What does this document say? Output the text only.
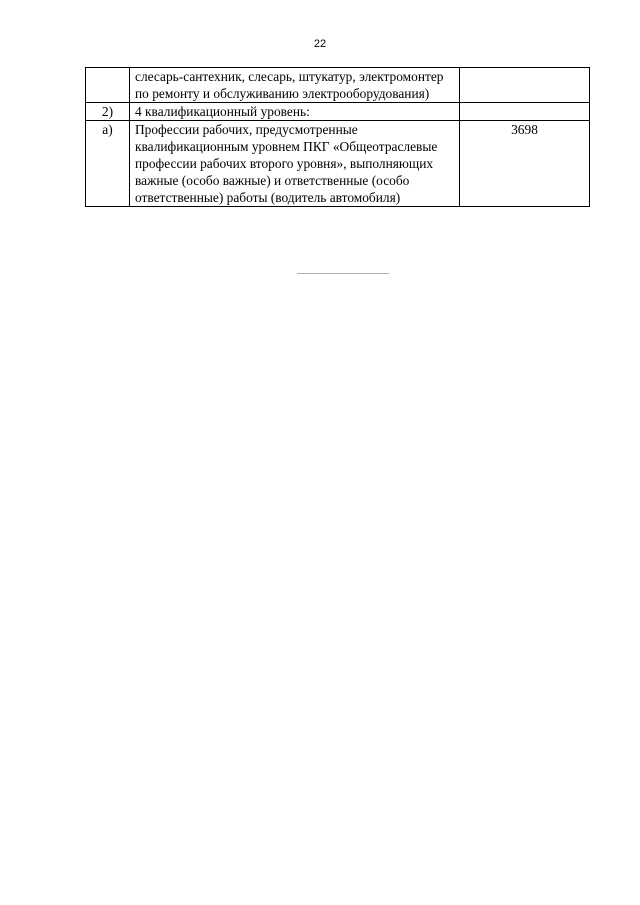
22
	слесарь-сантехник, слесарь, штукатур, электромонтер по ремонту и обслуживанию электрооборудования)	
2)	4 квалификационный уровень:	
а)	Профессии рабочих, предусмотренные квалификационным уровнем ПКГ «Общеотраслевые профессии рабочих второго уровня», выполняющих важные (особо важные) и ответственные (особо ответственные) работы (водитель автомобиля)	3698
